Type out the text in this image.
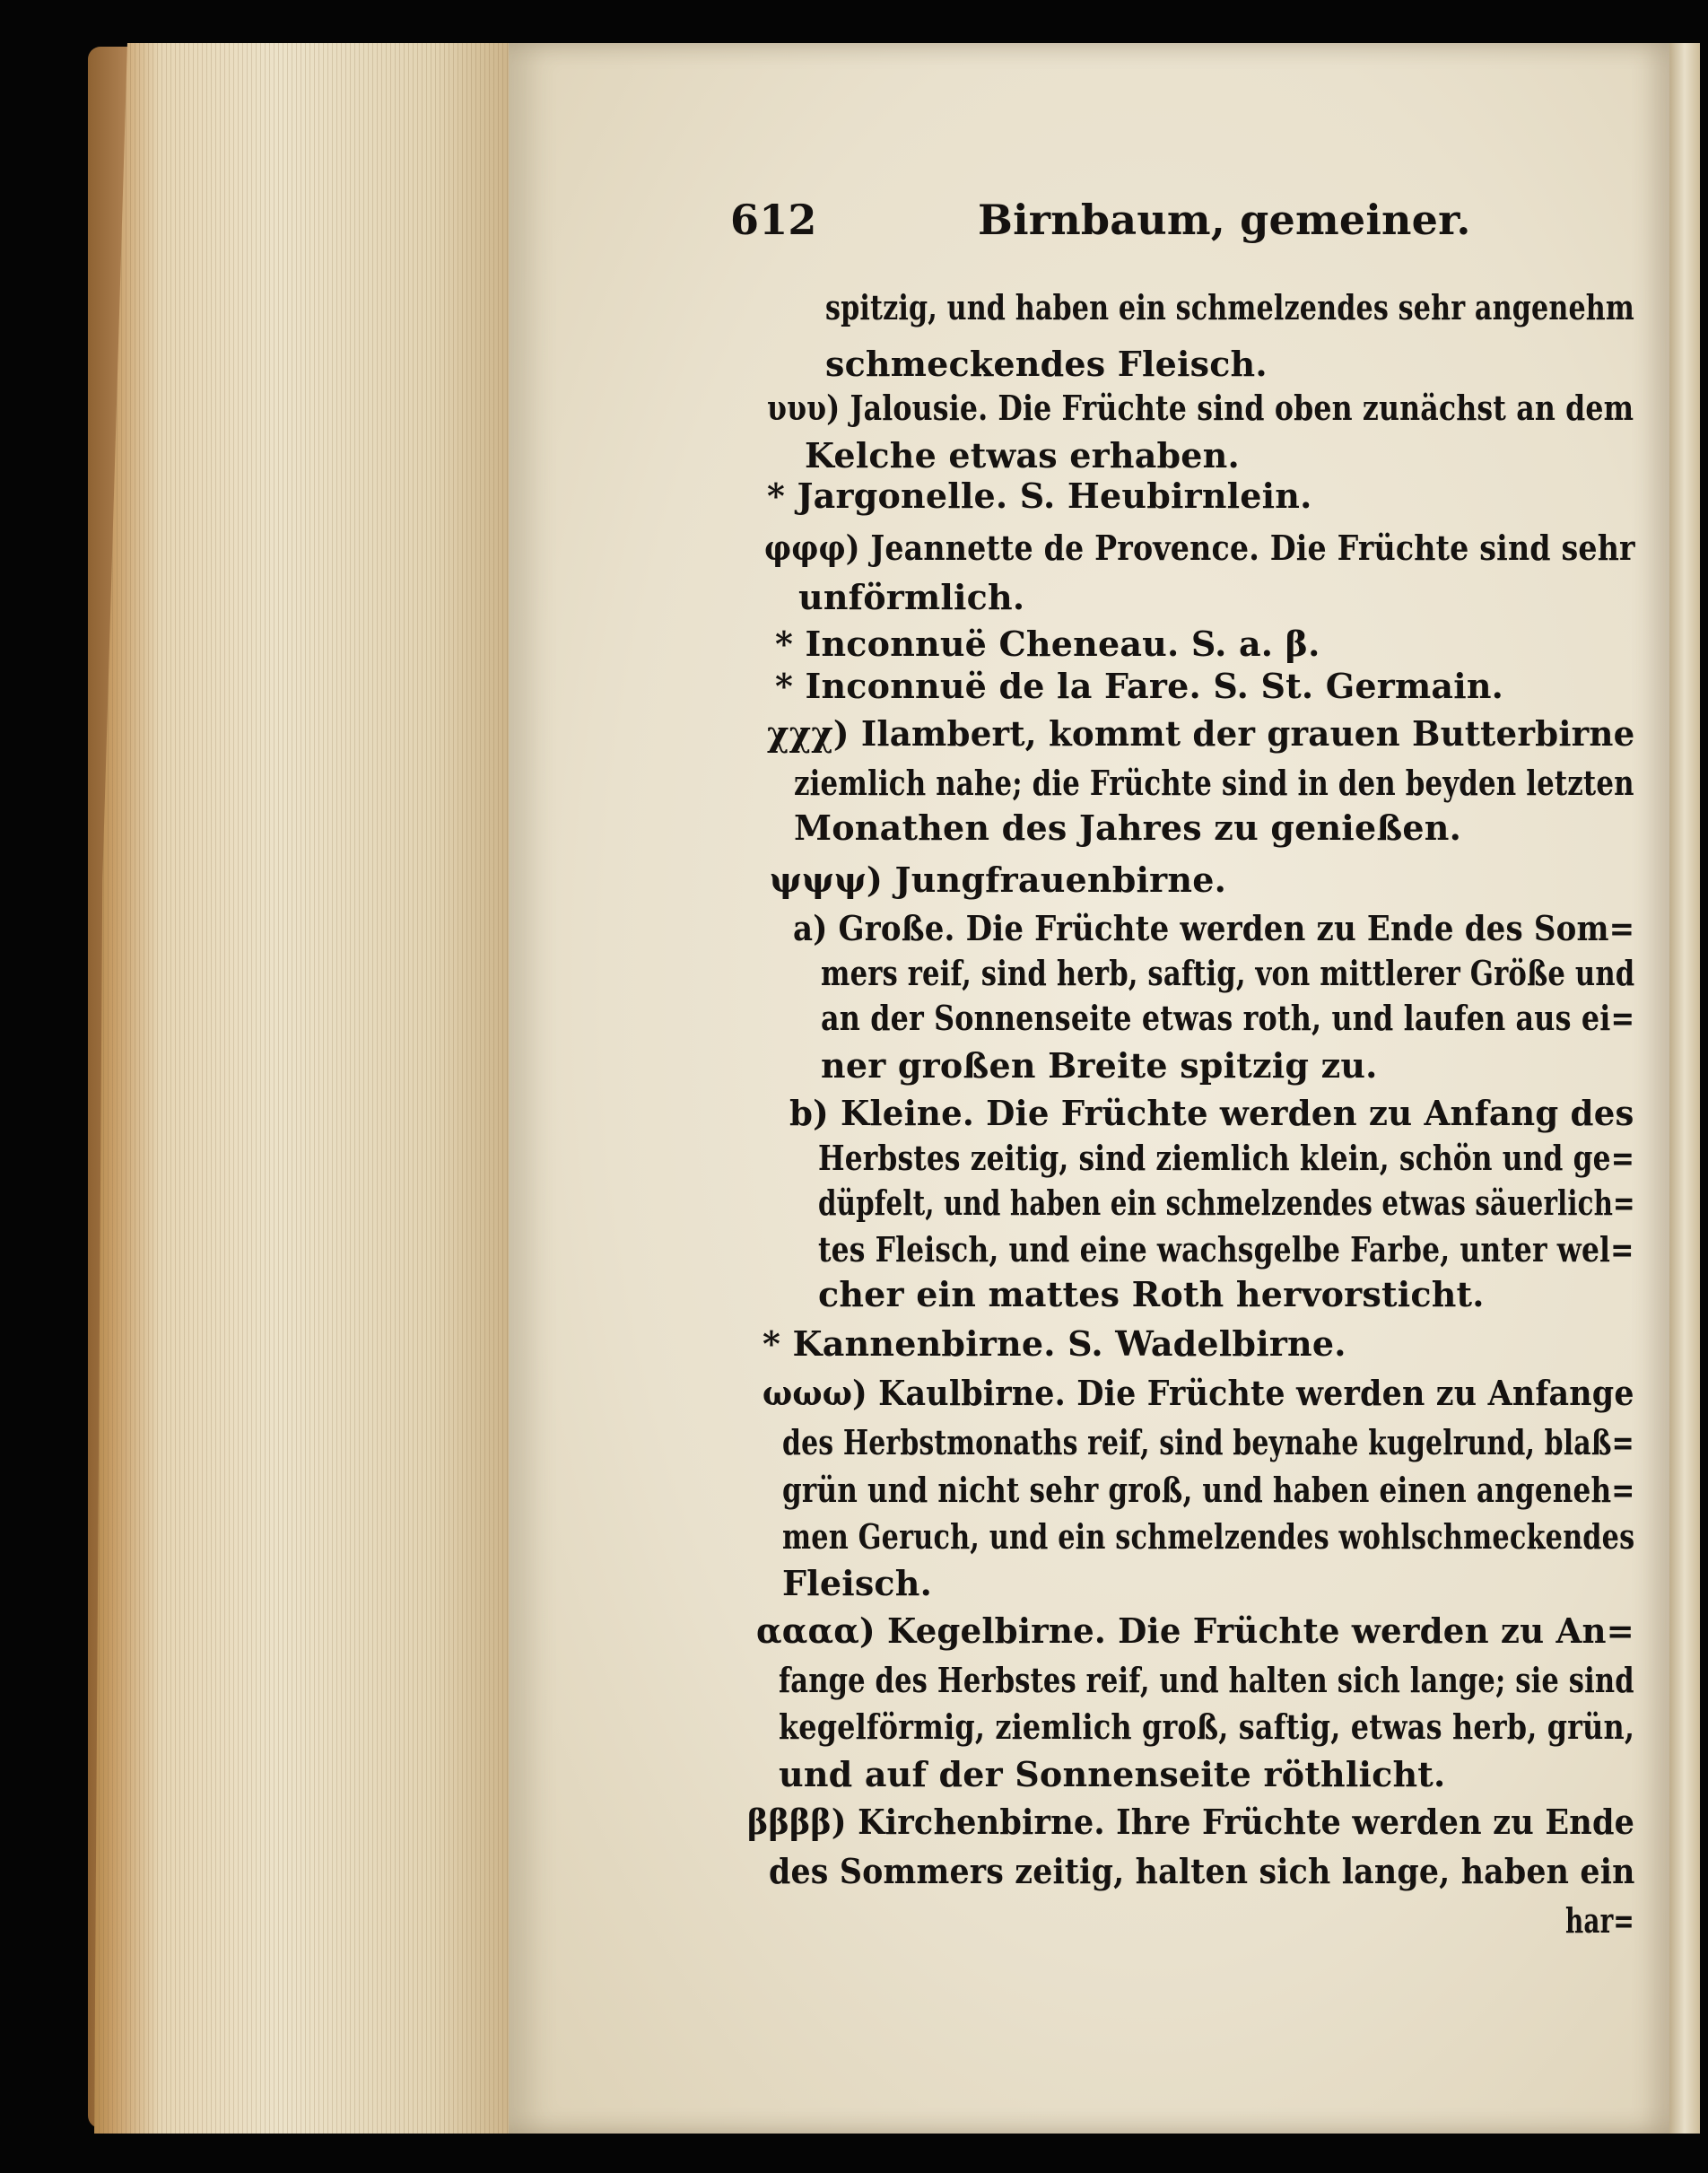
612	Birnbaum, gemeiner.
spitzig, und haben ein schmelzendes sehr angenehm
schmeckendes Fleisch.
υυυ) Jalousie. Die Früchte sind oben zunächst an dem
Kelche etwas erhaben.
* Jargonelle. S. Heubirnlein.
φφφ) Jeannette de Provence. Die Früchte sind sehr
unförmlich.
* Inconnuë Cheneau. S. a. β.
* Inconnuë de la Fare. S. St. Germain.
χχχ) Ilambert, kommt der grauen Butterbirne
ziemlich nahe; die Früchte sind in den beyden letzten
Monathen des Jahres zu genießen.
ψψψ) Jungfrauenbirne.
a) Große. Die Früchte werden zu Ende des Som=
mers reif, sind herb, saftig, von mittlerer Größe und
an der Sonnenseite etwas roth, und laufen aus ei=
ner großen Breite spitzig zu.
b) Kleine. Die Früchte werden zu Anfang des
Herbstes zeitig, sind ziemlich klein, schön und ge=
düpfelt, und haben ein schmelzendes etwas säuerlich=
tes Fleisch, und eine wachsgelbe Farbe, unter wel=
cher ein mattes Roth hervorsticht.
* Kannenbirne. S. Wadelbirne.
ωωω) Kaulbirne. Die Früchte werden zu Anfange
des Herbstmonaths reif, sind beynahe kugelrund, blaß=
grün und nicht sehr groß, und haben einen angeneh=
men Geruch, und ein schmelzendes wohlschmeckendes
Fleisch.
αααα) Kegelbirne. Die Früchte werden zu An=
fange des Herbstes reif, und halten sich lange; sie sind
kegelförmig, ziemlich groß, saftig, etwas herb, grün,
und auf der Sonnenseite röthlicht.
ββββ) Kirchenbirne. Ihre Früchte werden zu Ende
des Sommers zeitig, halten sich lange, haben ein
har=
